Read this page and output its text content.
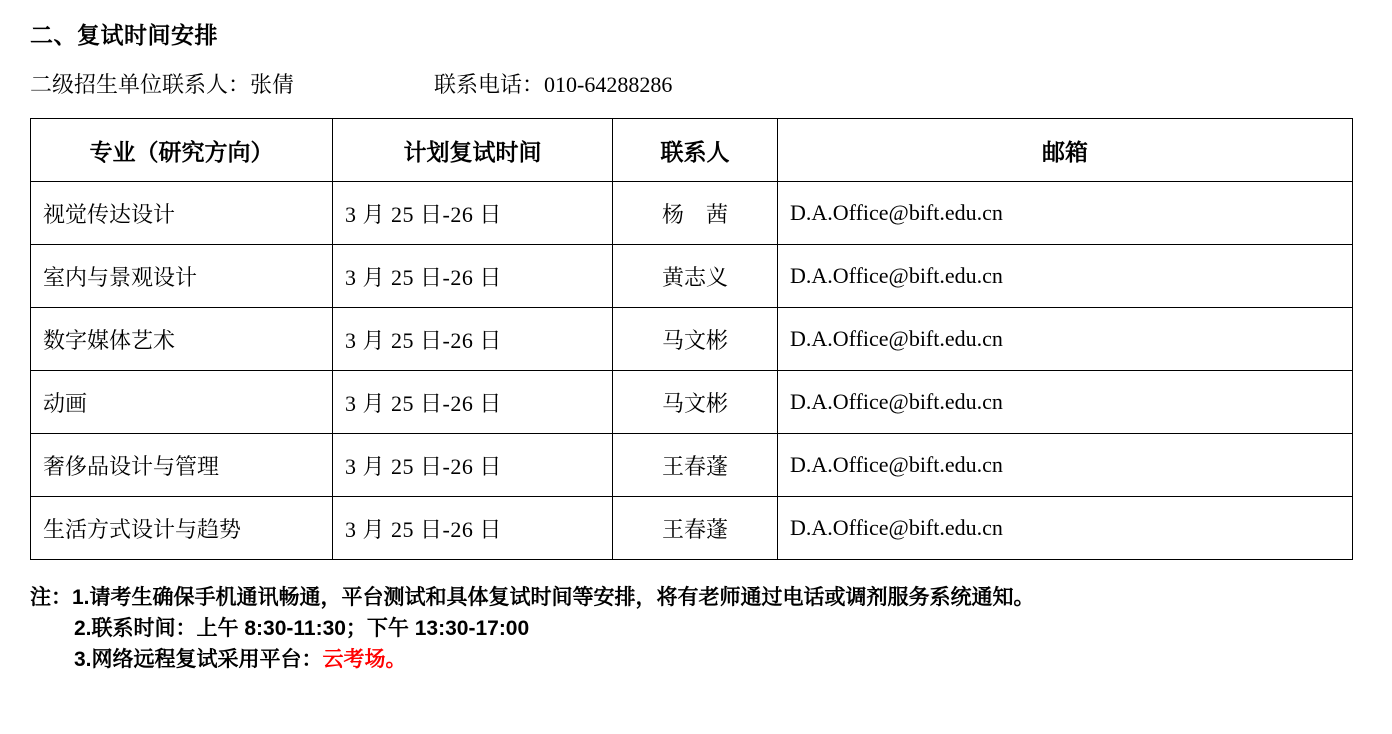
二、复试时间安排
二级招生单位联系人：张倩	联系电话：010-64288286
专业（研究方向）	计划复试时间	联系人	邮箱
视觉传达设计	3 月 25 日-26 日	杨　茜	D.A.Office@bift.edu.cn
室内与景观设计	3 月 25 日-26 日	黄志义	D.A.Office@bift.edu.cn
数字媒体艺术	3 月 25 日-26 日	马文彬	D.A.Office@bift.edu.cn
动画	3 月 25 日-26 日	马文彬	D.A.Office@bift.edu.cn
奢侈品设计与管理	3 月 25 日-26 日	王春蓬	D.A.Office@bift.edu.cn
生活方式设计与趋势	3 月 25 日-26 日	王春蓬	D.A.Office@bift.edu.cn
注： 1.请考生确保手机通讯畅通，平台测试和具体复试时间等安排，将有老师通过电话或调剂服务系统通知。
2.联系时间：上午 8:30-11:30；下午 13:30-17:00
3.网络远程复试采用平台： 云考场。
